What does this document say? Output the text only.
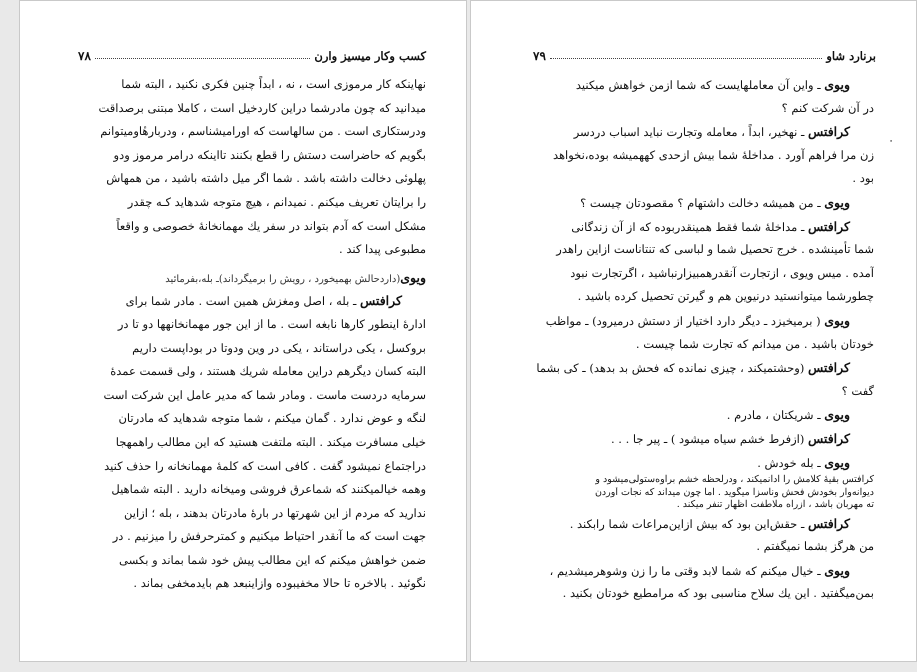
۷۸	کسب وکار میسیز وارن
نهاینکه کار مرموزی است ، نه ، ابداً چنین فکری نکنید ، البته شما
میدانید که چون مادرشما دراین کاردخیل است ، کاملا مبتنی برصداقت
ودرستکاری است . من سالهاست که اورامیشناسم ، ودربارهٔاومیتوانم
بگویم که حاضراست دستش را قطع بکنند تااینکه درامر مرموز ودو
پهلوئی دخالت داشته باشد . شما اگر میل داشته باشید ، من همهاش
را برایتان تعریف میکنم . نمیدانم ، هیچ متوجه شدهاید کـه چقدر
مشکل است که آدم بتواند در سفر یك مهمانخانهٔ خصوصی و واقعاً
مطبوعی پیدا کند .
ویوی(داردحالش بهمیخورد ، رویش را برمیگرداند)ـ بله،بفرمائید
کرافتس ـ بله ، اصل ومغزش همین است . مادر شما برای
ادارهٔ اینطور کارها نابغه است . ما از این جور مهمانخانهها دو تا در
بروکسل ، یکی دراستاند ، یکی در وین ودوتا در بوداپست داریم
البته کسان دیگرهم دراین معامله شریك هستند ، ولی قسمت عمدهٔ
سرمایه دردست ماست . ومادر شما که مدیر عامل این شرکت است
لنگه و عوض ندارد . گمان میکنم ، شما متوجه شدهاید که مادرتان
خیلی مسافرت میکند . البته ملتفت هستید که این مطالب راهمهجا
دراجتماع نمیشود گفت . کافی است که کلمهٔ مهمانخانه را حذف کنید
وهمه خیالمیکنند که شماعرق فروشی ومیخانه دارید . البته شماهیل
ندارید که مردم از این شهرتها در بارهٔ مادرتان بدهند ، بله ؛ ازاین
جهت است که ما آنقدر احتیاط میکنیم و کمترحرفش را میزنیم . در
ضمن خواهش میکنم که این مطالب پیش خود شما بماند و بکسی
نگوئید . بالاخره تا حالا مخفیبوده وازاینبعد هم بایدمخفی بماند .
۷۹	برنارد شاو
۰
ویوی ـ واین آن معاملهایست که شما ازمن خواهش میکنید
در آن شرکت کنم ؟
کرافتس ـ نهخیر، ابداً ، معامله وتجارت نباید اسباب دردسر
زن مرا فراهم آورد . مداخلهٔ شما بیش ازحدی کههمیشه بوده،نخواهد
بود .
ویوی ـ من همیشه دخالت داشتهام ؟ مقصودتان چیست ؟
کرافتس ـ مداخلهٔ شما فقط همینقدربوده که از آن زندگانی
شما تأمینشده . خرج تحصیل شما و لباسی که تنتاناست ازاین راهدر
آمده . میس ویوی ، ازتجارت آنقدرهمبیزارنباشید ، اگرتجارت نبود
چطورشما میتوانستید درنیوین هم و گیرتن تحصیل کرده باشید .
ویوی ( برمیخیزد ـ دیگر دارد اختیار از دستش درمیرود) ـ مواظب
خودتان باشید . من میدانم که تجارت شما چیست .
کرافتس (وحشتمیکند ، چیزی نمانده که فحش بد بدهد) ـ کی بشما
گفت ؟
ویوی ـ شریکتان ، مادرم .
کرافتس (ازفرط خشم سیاه میشود ) ـ پیر جا . . .
ویوی ـ بله خودش .
کرافتس بقیهٔ کلامش را ادانمیکند ، ودرلحظه خشم براوه‌ستولی‌میشود و
دیوانه‌وار بخودش فحش وناسزا میگوید . اما چون میداند که نجات آوردن
ته مهربان باشد ، ازراه ملاطفت اظهار تنفر میکند .
کرافتس ـ حقش‌این بود که بیش ازاین‌مراعات شما رابکند .
من هرگز بشما نمیگفتم .
ویوی ـ خیال میکنم که شما لابد وقتی ما را زن وشوهرمیشدیم ،
بمن‌میگفتید . این یك سلاح مناسبی بود که مرامطیع خودتان بکنید .
